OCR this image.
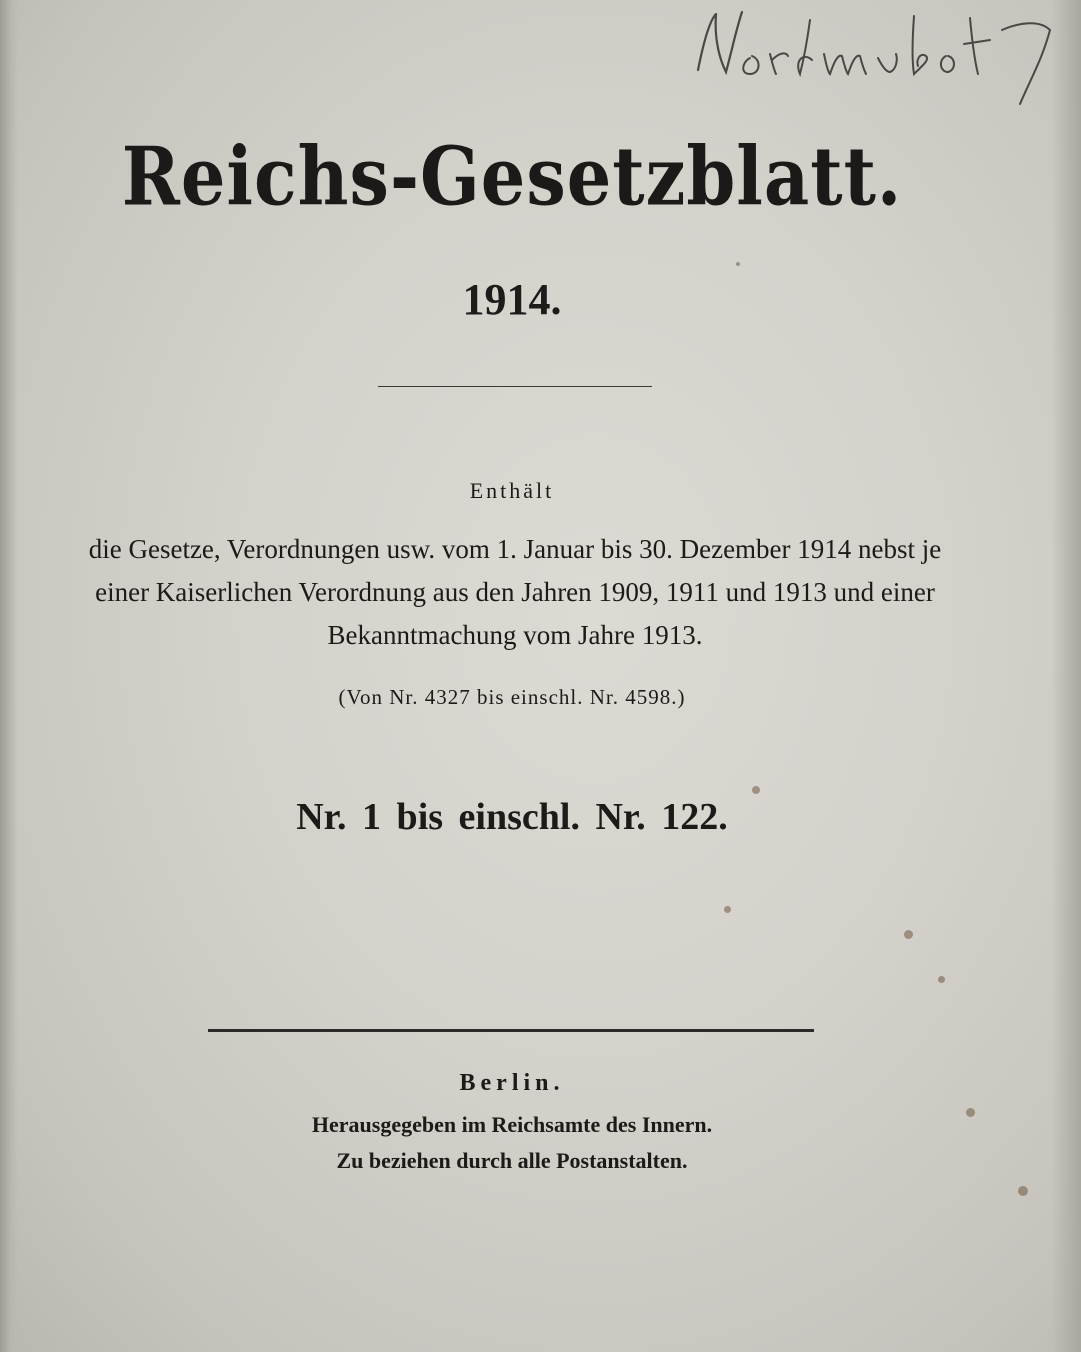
Reichs-Gesetzblatt.
1914.
Enthält
die Gesetze, Verordnungen usw. vom 1. Januar bis 30. Dezember 1914 nebst je einer Kaiserlichen Verordnung aus den Jahren 1909, 1911 und 1913 und einer Bekanntmachung vom Jahre 1913.
(Von Nr. 4327 bis einschl. Nr. 4598.)
Nr. 1 bis einschl. Nr. 122.
Berlin.
Herausgegeben im Reichsamte des Innern.
Zu beziehen durch alle Postanstalten.
